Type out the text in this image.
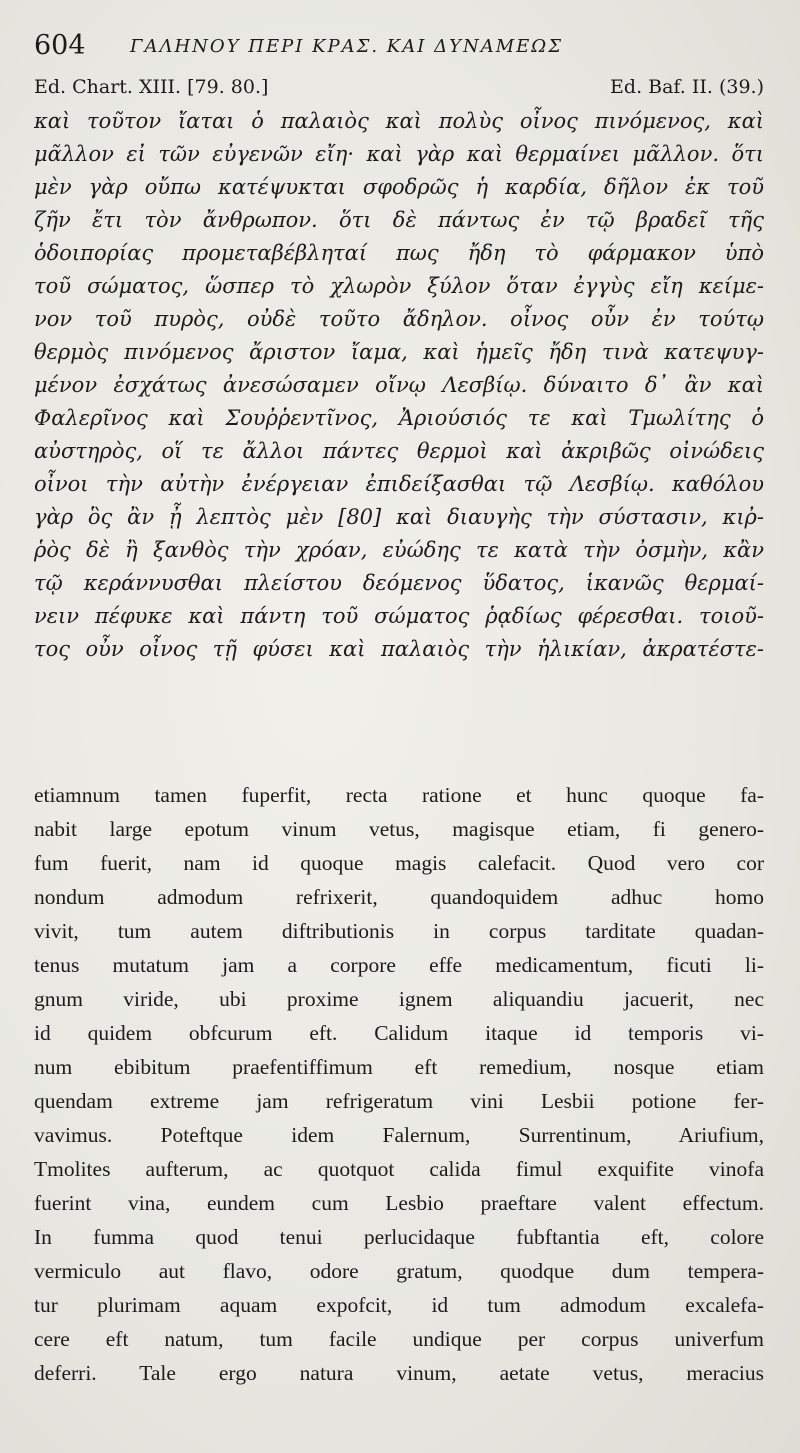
604 ΓΑΛΗΝΟΥ ΠΕΡΙ ΚΡΑΣ. ΚΑΙ ΔΥΝΑΜΕΩΣ
Ed. Chart. XIII. [79. 80.]	Ed. Baf. II. (39.)
καὶ τοῦτον ἴαται ὁ παλαιὸς καὶ πολὺς οἶνος πινόμενος, καὶ
μᾶλλον εἰ τῶν εὐγενῶν εἴη· καὶ γὰρ καὶ θερμαίνει μᾶλλον. ὅτι
μὲν γὰρ οὔπω κατέψυκται σφοδρῶς ἡ καρδία, δῆλον ἐκ τοῦ
ζῆν ἔτι τὸν ἄνθρωπον. ὅτι δὲ πάντως ἐν τῷ βραδεῖ τῆς
ὁδοιπορίας προμεταβέβληταί πως ἤδη τὸ φάρμακον ὑπὸ
τοῦ σώματος, ὥσπερ τὸ χλωρὸν ξύλον ὅταν ἐγγὺς εἴη κείμε-
νον τοῦ πυρὸς, οὐδὲ τοῦτο ἄδηλον. οἶνος οὖν ἐν τούτῳ
θερμὸς πινόμενος ἄριστον ἴαμα, καὶ ἡμεῖς ἤδη τινὰ κατεψυγ-
μένον ἐσχάτως ἀνεσώσαμεν οἴνῳ Λεσβίῳ. δύναιτο δ᾽ ἂν καὶ
Φαλερῖνος καὶ Σουῤῥεντῖνος, Ἀριούσιός τε καὶ Τμωλίτης ὁ
αὐστηρὸς, οἵ τε ἄλλοι πάντες θερμοὶ καὶ ἀκριβῶς οἰνώδεις
οἶνοι τὴν αὐτὴν ἐνέργειαν ἐπιδείξασθαι τῷ Λεσβίῳ. καθόλου
γὰρ ὃς ἂν ᾖ λεπτὸς μὲν [80] καὶ διαυγὴς τὴν σύστασιν, κιῤ-
ῥὸς δὲ ἢ ξανθὸς τὴν χρόαν, εὐώδης τε κατὰ τὴν ὀσμὴν, κἂν
τῷ κεράννυσθαι πλείστου δεόμενος ὕδατος, ἱκανῶς θερμαί-
νειν πέφυκε καὶ πάντη τοῦ σώματος ῥᾳδίως φέρεσθαι. τοιοῦ-
τος οὖν οἶνος τῇ φύσει καὶ παλαιὸς τὴν ἡλικίαν, ἀκρατέστε-
etiamnum tamen fuperfit, recta ratione et hunc quoque fa-
nabit large epotum vinum vetus, magisque etiam, fi genero-
fum fuerit, nam id quoque magis calefacit. Quod vero cor
nondum admodum refrixerit, quandoquidem adhuc homo
vivit, tum autem diftributionis in corpus tarditate quadan-
tenus mutatum jam a corpore effe medicamentum, ficuti li-
gnum viride, ubi proxime ignem aliquandiu jacuerit, nec
id quidem obfcurum eft. Calidum itaque id temporis vi-
num ebibitum praefentiffimum eft remedium, nosque etiam
quendam extreme jam refrigeratum vini Lesbii potione fer-
vavimus. Poteftque idem Falernum, Surrentinum, Ariufium,
Tmolites aufterum, ac quotquot calida fimul exquifite vinofa
fuerint vina, eundem cum Lesbio praeftare valent effectum.
In fumma quod tenui perlucidaque fubftantia eft, colore
vermiculo aut flavo, odore gratum, quodque dum tempera-
tur plurimam aquam expofcit, id tum admodum excalefa-
cere eft natum, tum facile undique per corpus univerfum
deferri. Tale ergo natura vinum, aetate vetus, meracius
